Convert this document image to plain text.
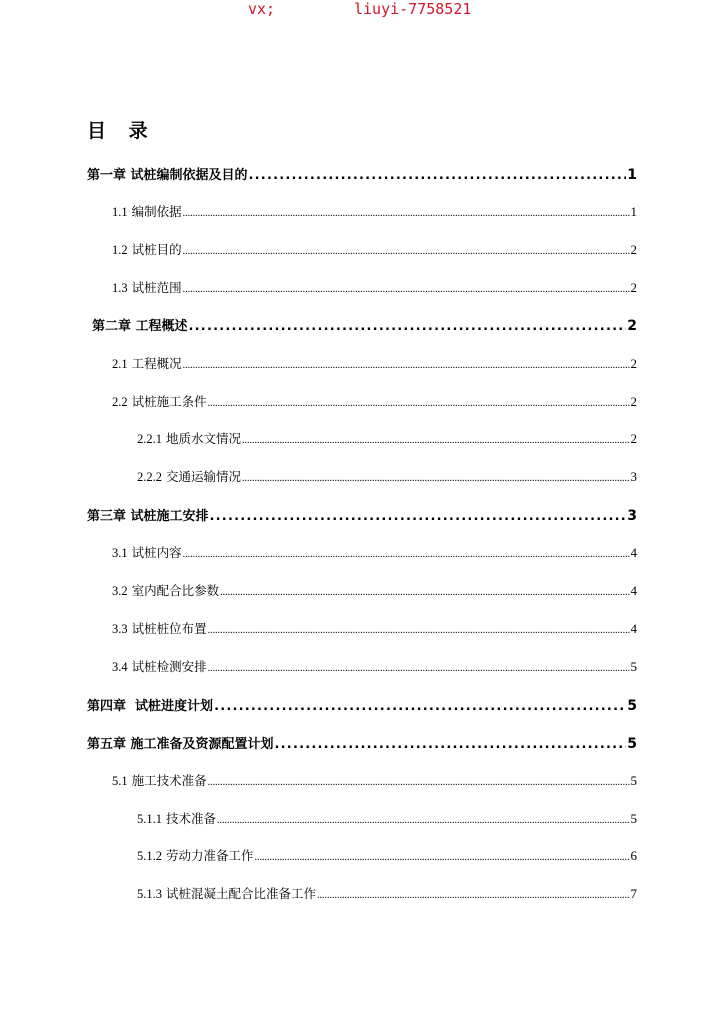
vx;

	liuyi-7758521

目 录
第一章 试桩编制依据及目的 .....	1
1.1 编制依据 .....	1
1.2 试桩目的 .....	2
1.3 试桩范围 .....	2
第二章 工程概述 .....	2
2.1 工程概况 .....	2
2.2 试桩施工条件 .....	2
2.2.1 地质水文情况 .....	2
2.2.2 交通运输情况 .....	3
第三章 试桩施工安排 .....	3
3.1 试桩内容 .....	4
3.2 室内配合比参数 .....	4
3.3 试桩桩位布置 .....	4
3.4 试桩检测安排 .....	5
第四章  试桩进度计划 .....	5
第五章 施工准备及资源配置计划 .....	5
5.1 施工技术准备 .....	5
5.1.1 技术准备 .....	5
5.1.2 劳动力准备工作 .....	6
5.1.3 试桩混凝土配合比准备工作 .....	7
